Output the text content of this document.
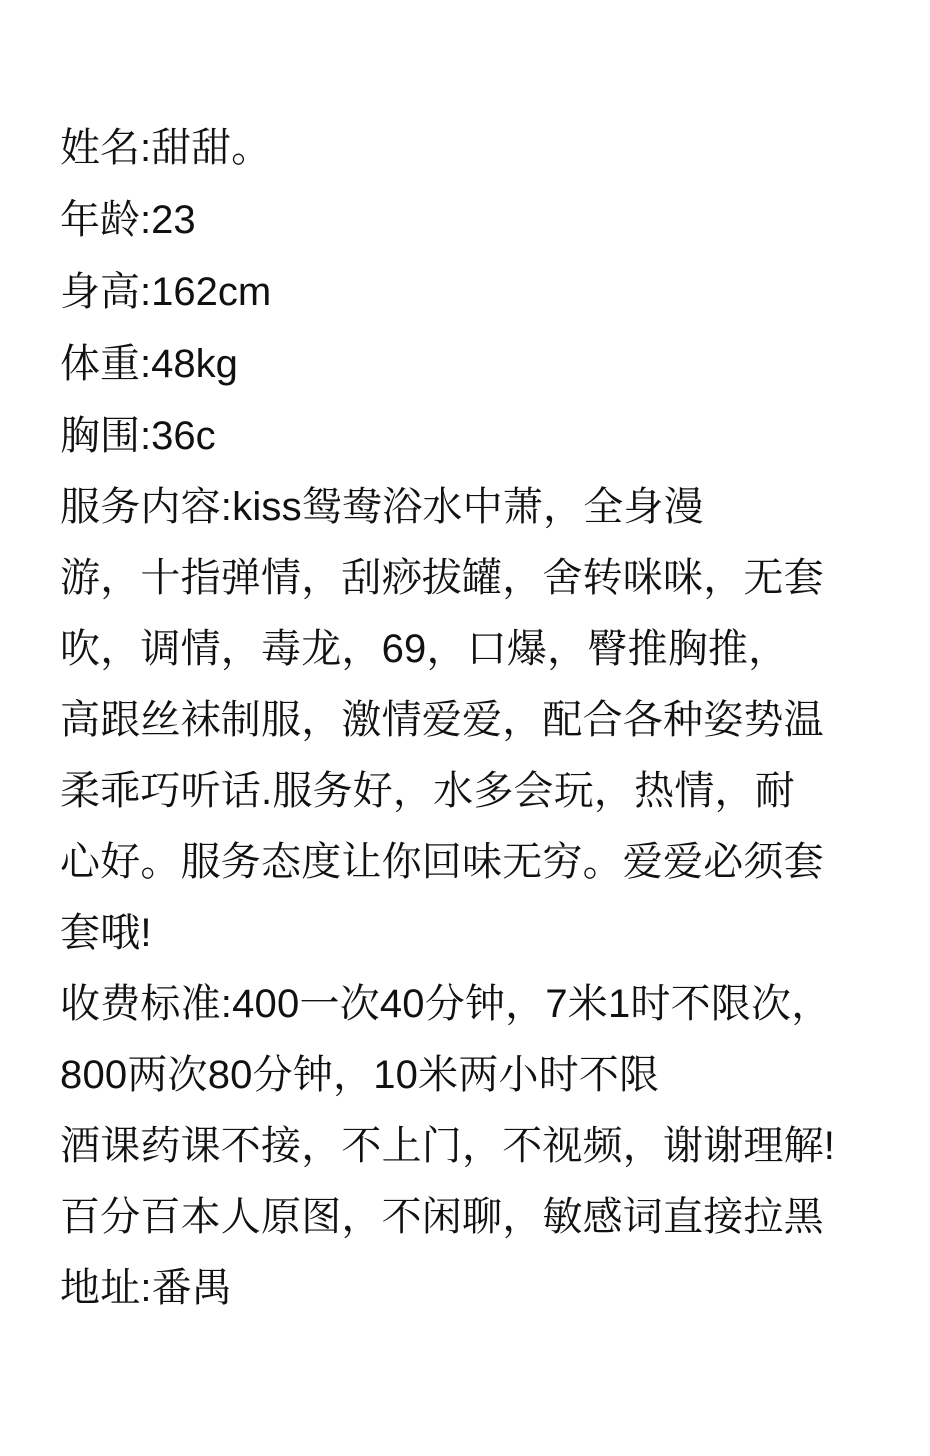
姓名:甜甜。
年龄:23
身高:162cm
体重:48kg
胸围:36c
服务内容:kiss鸳鸯浴水中萧，全身漫
游，十指弹情，刮痧拔罐，舍转咪咪，无套
吹，调情，毒龙，69，口爆，臀推胸推，
高跟丝袜制服，激情爱爱，配合各种姿势温
柔乖巧听话.服务好，水多会玩，热情，耐
心好。服务态度让你回味无穷。爱爱必须套
套哦!
收费标准:400一次40分钟，7米1时不限次，
800两次80分钟，10米两小时不限
酒课药课不接，不上门，不视频，谢谢理解!
百分百本人原图，不闲聊，敏感词直接拉黑
地址:番禺
